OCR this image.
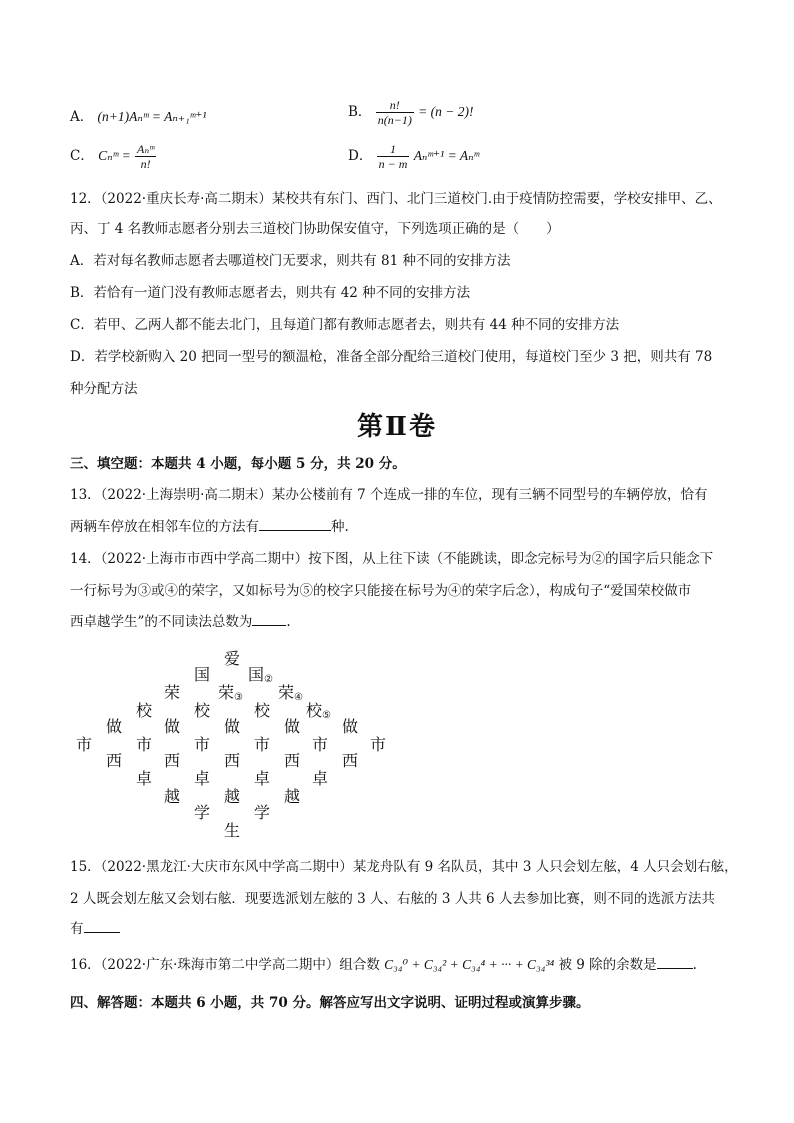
A． (n+1)Aₙᵐ = Aₙ₊₁ᵐ⁺¹	B． $\frac{n!}{n(n-1)} = (n - 2)$!
C． Cₙᵐ = $\frac{\text{Aₙᵐ}}{n!}$	D． $\frac{1}{n - m}$ Aₙᵐ⁺¹ = Aₙᵐ
12．（2022·重庆长寿·高二期末）某校共有东门、西门、北门三道校门.由于疫情防控需要，学校安排甲、乙、
丙、丁 4 名教师志愿者分别去三道校门协助保安值守，下列选项正确的是（　　）
A．若对每名教师志愿者去哪道校门无要求，则共有 81 种不同的安排方法
B．若恰有一道门没有教师志愿者去，则共有 42 种不同的安排方法
C．若甲、乙两人都不能去北门，且每道门都有教师志愿者去，则共有 44 种不同的安排方法
D．若学校新购入 20 把同一型号的额温枪，准备全部分配给三道校门使用，每道校门至少 3 把，则共有 78
种分配方法
第Ⅱ卷
三、填空题：本题共 4 小题，每小题 5 分，共 20 分。
13．（2022·上海崇明·高二期末）某办公楼前有 7 个连成一排的车位，现有三辆不同型号的车辆停放，恰有
两辆车停放在相邻车位的方法有	种.
14．（2022·上海市市西中学高二期中）按下图，从上往下读（不能跳读，即念完标号为②的国字后只能念下
一行标号为③或④的荣字，又如标号为⑤的校字只能接在标号为④的荣字后念），构成句子“爱国荣校做市
西卓越学生”的不同读法总数为	.
爱
国 国$_②$
荣 荣$_③$ 荣$_④$
校	校	校 校$_⑤$
做	做	做	做	做
市	市	市	市	市	市
西	西	西	西	西
卓	卓	卓	卓
越	越	越
学	学
生
15．（2022·黑龙江·大庆市东风中学高二期中）某龙舟队有 9 名队员，其中 3 人只会划左舷，4 人只会划右舷，
2 人既会划左舷又会划右舷．现要选派划左舷的 3 人、右舷的 3 人共 6 人去参加比赛，则不同的选派方法共
有
16．（2022·广东·珠海市第二中学高二期中）组合数 C₃₄⁰ + C₃₄² + C₃₄⁴ + ··· + C₃₄³⁴ 被 9 除的余数是	.
四、解答题：本题共 6 小题，共 70 分。解答应写出文字说明、证明过程或演算步骤。
